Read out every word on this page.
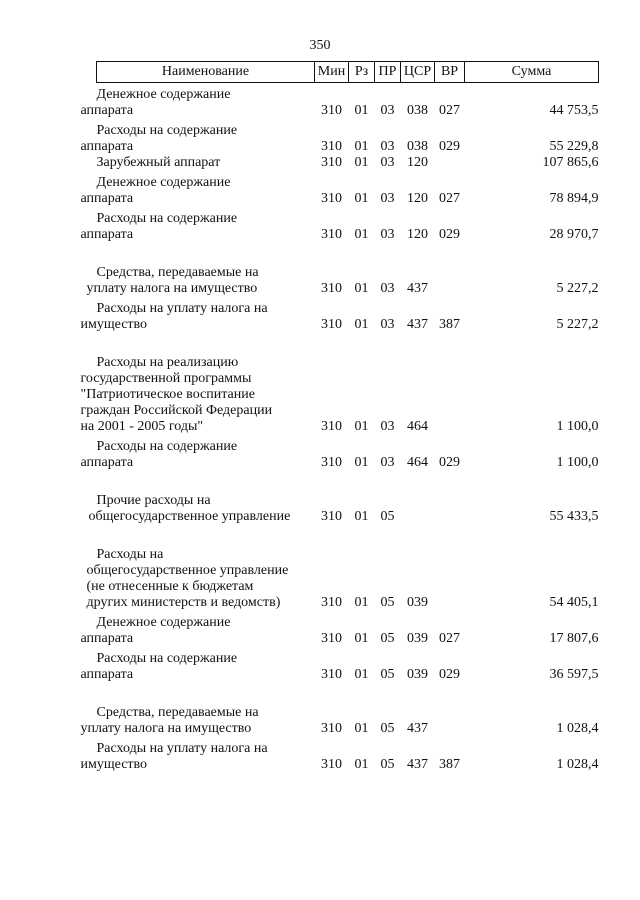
350
Наименование	Мин	Рз	ПР	ЦСР	ВР	Сумма

Денежное содержание
аппарата	310	01	03	038	027	44 753,5

Расходы на содержание
аппарата	310	01	03	038	029	55 229,8

Зарубежный аппарат	310	01	03	120		107 865,6

Денежное содержание
аппарата	310	01	03	120	027	78 894,9

Расходы на содержание
аппарата	310	01	03	120	029	28 970,7

Средства, передаваемые на
уплату налога на имущество	310	01	03	437		5 227,2

Расходы на уплату налога на
имущество	310	01	03	437	387	5 227,2

Расходы на реализацию
государственной программы
"Патриотическое воспитание
граждан Российской Федерации
на 2001 - 2005 годы"	310	01	03	464		1 100,0

Расходы на содержание
аппарата	310	01	03	464	029	1 100,0

Прочие расходы на
общегосударственное управление	310	01	05			55 433,5

Расходы на
общегосударственное управление
(не отнесенные к бюджетам
других министерств и ведомств)	310	01	05	039		54 405,1

Денежное содержание
аппарата	310	01	05	039	027	17 807,6

Расходы на содержание
аппарата	310	01	05	039	029	36 597,5

Средства, передаваемые на
уплату налога на имущество	310	01	05	437		1 028,4

Расходы на уплату налога на
имущество	310	01	05	437	387	1 028,4
